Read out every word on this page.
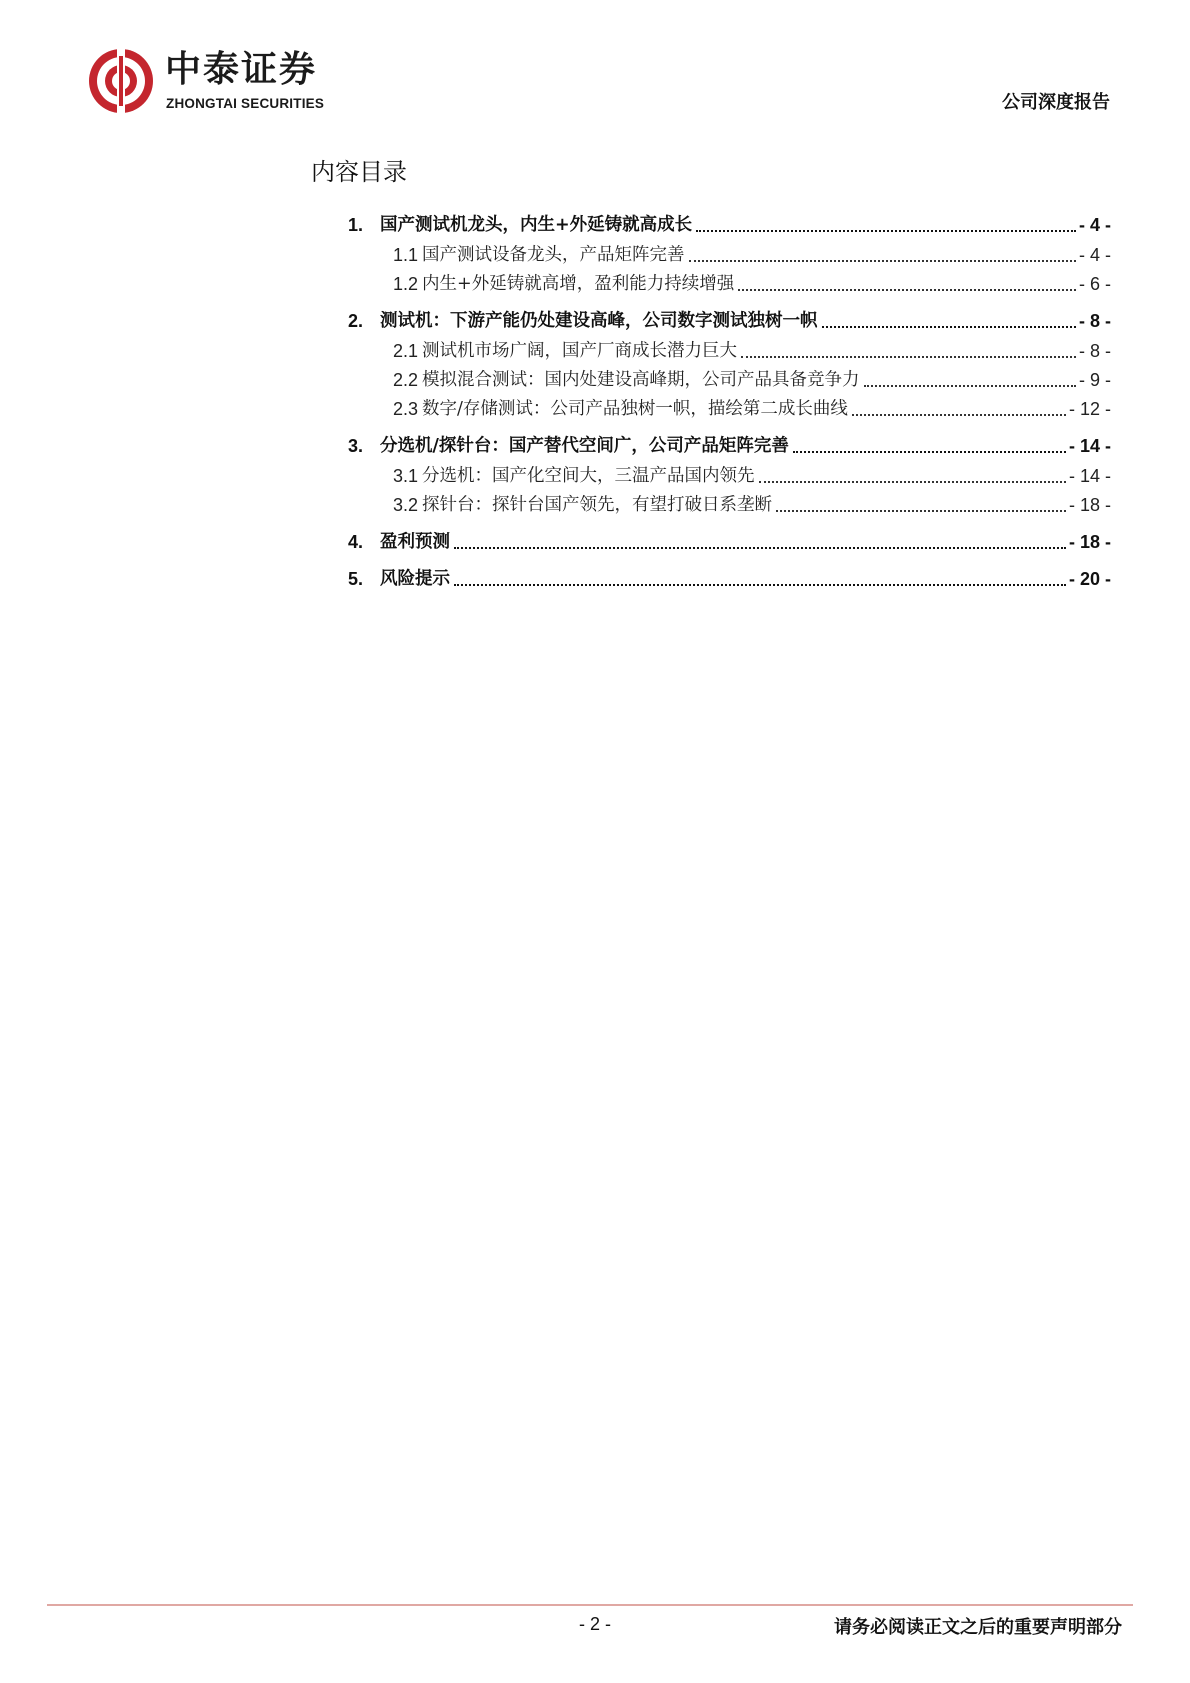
中泰证券
ZHONGTAI SECURITIES	公司深度报告
内容目录
1. 国产测试机龙头，内生+外延铸就高成长	- 4 -
1.1 国产测试设备龙头，产品矩阵完善	- 4 -
1.2 内生+外延铸就高增，盈利能力持续增强	- 6 -
2. 测试机：下游产能仍处建设高峰，公司数字测试独树一帜	- 8 -
2.1 测试机市场广阔，国产厂商成长潜力巨大	- 8 -
2.2 模拟混合测试：国内处建设高峰期，公司产品具备竞争力	- 9 -
2.3 数字/存储测试：公司产品独树一帜，描绘第二成长曲线	- 12 -
3. 分选机/探针台：国产替代空间广，公司产品矩阵完善	- 14 -
3.1 分选机：国产化空间大，三温产品国内领先	- 14 -
3.2 探针台：探针台国产领先，有望打破日系垄断	- 18 -
4. 盈利预测	- 18 -
5. 风险提示	- 20 -
- 2 -	请务必阅读正文之后的重要声明部分
